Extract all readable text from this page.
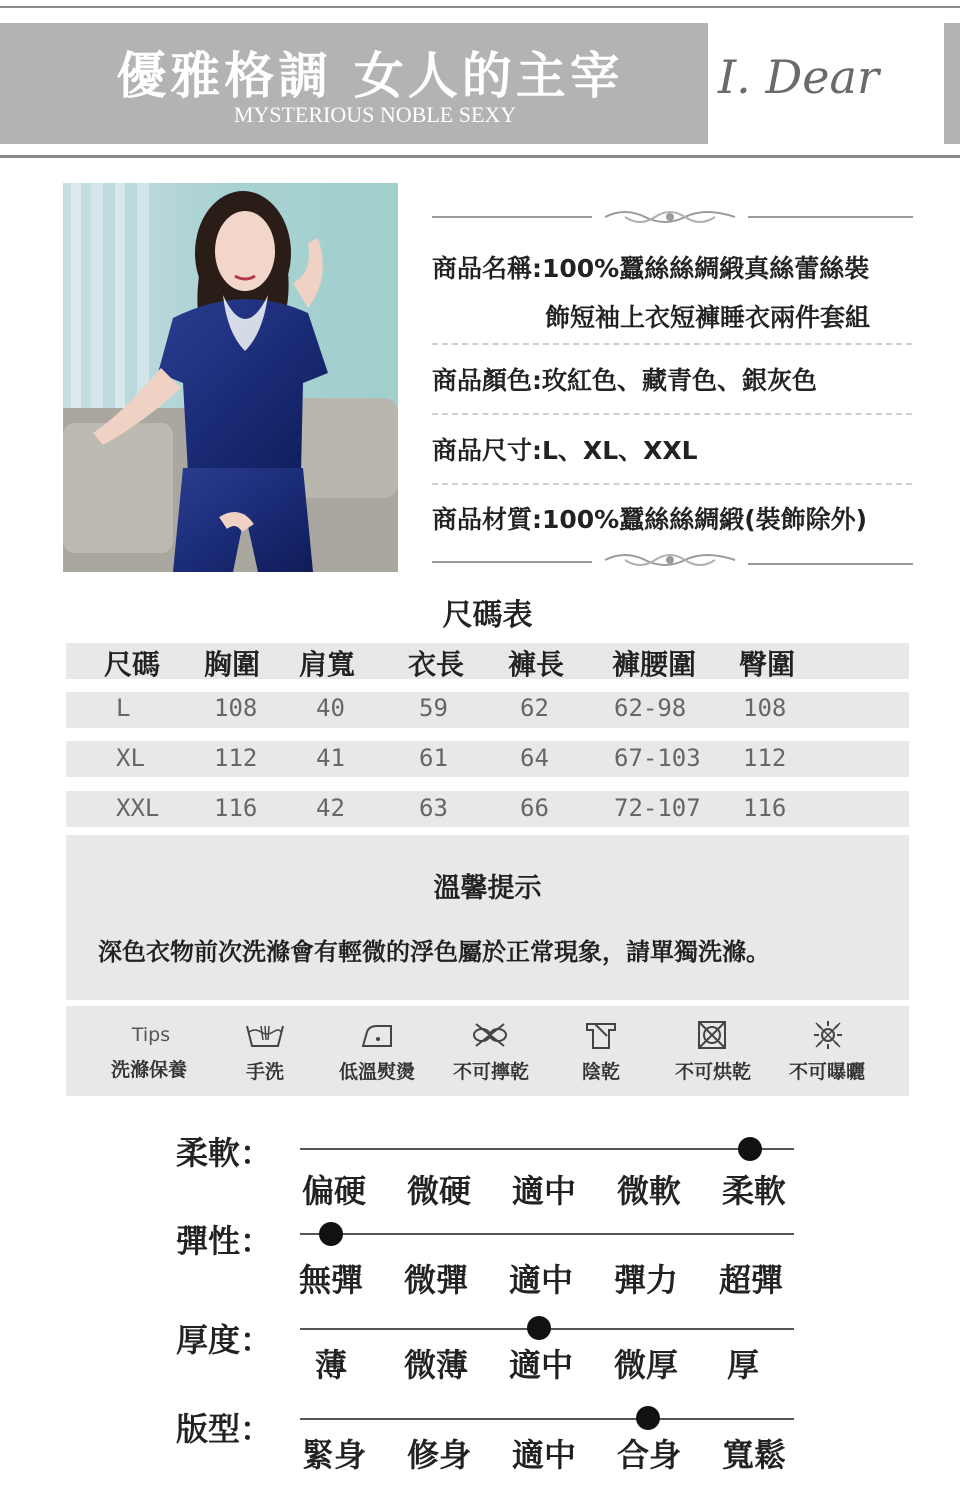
優雅格調 女人的主宰
MYSTERIOUS NOBLE SEXY
I. Dear
商品名稱:100%蠶絲絲綢緞真絲蕾絲裝
飾短袖上衣短褲睡衣兩件套組
商品顏色:玫紅色、藏青色、銀灰色
商品尺寸:L、XL、XXL
商品材質:100%蠶絲絲綢緞(裝飾除外)
尺碼表
尺碼 胸圍 肩寬 衣長 褲長 褲腰圍 臀圍
L	108 40	59	62	62-98 108
XL	112 41	61	64	67-103 112
XXL 116 42	63	66	72-107 116
溫馨提示
深色衣物前次洗滌會有輕微的浮色屬於正常現象，請單獨洗滌。
Tips
洗滌保養	手洗	低溫熨燙	不可擰乾	陰乾	不可烘乾	不可曝曬
柔軟：
偏硬	微硬	適中	微軟	柔軟
彈性：
無彈	微彈	適中	彈力	超彈
厚度：
薄	微薄	適中	微厚	厚
版型：
緊身	修身	適中	合身	寬鬆
